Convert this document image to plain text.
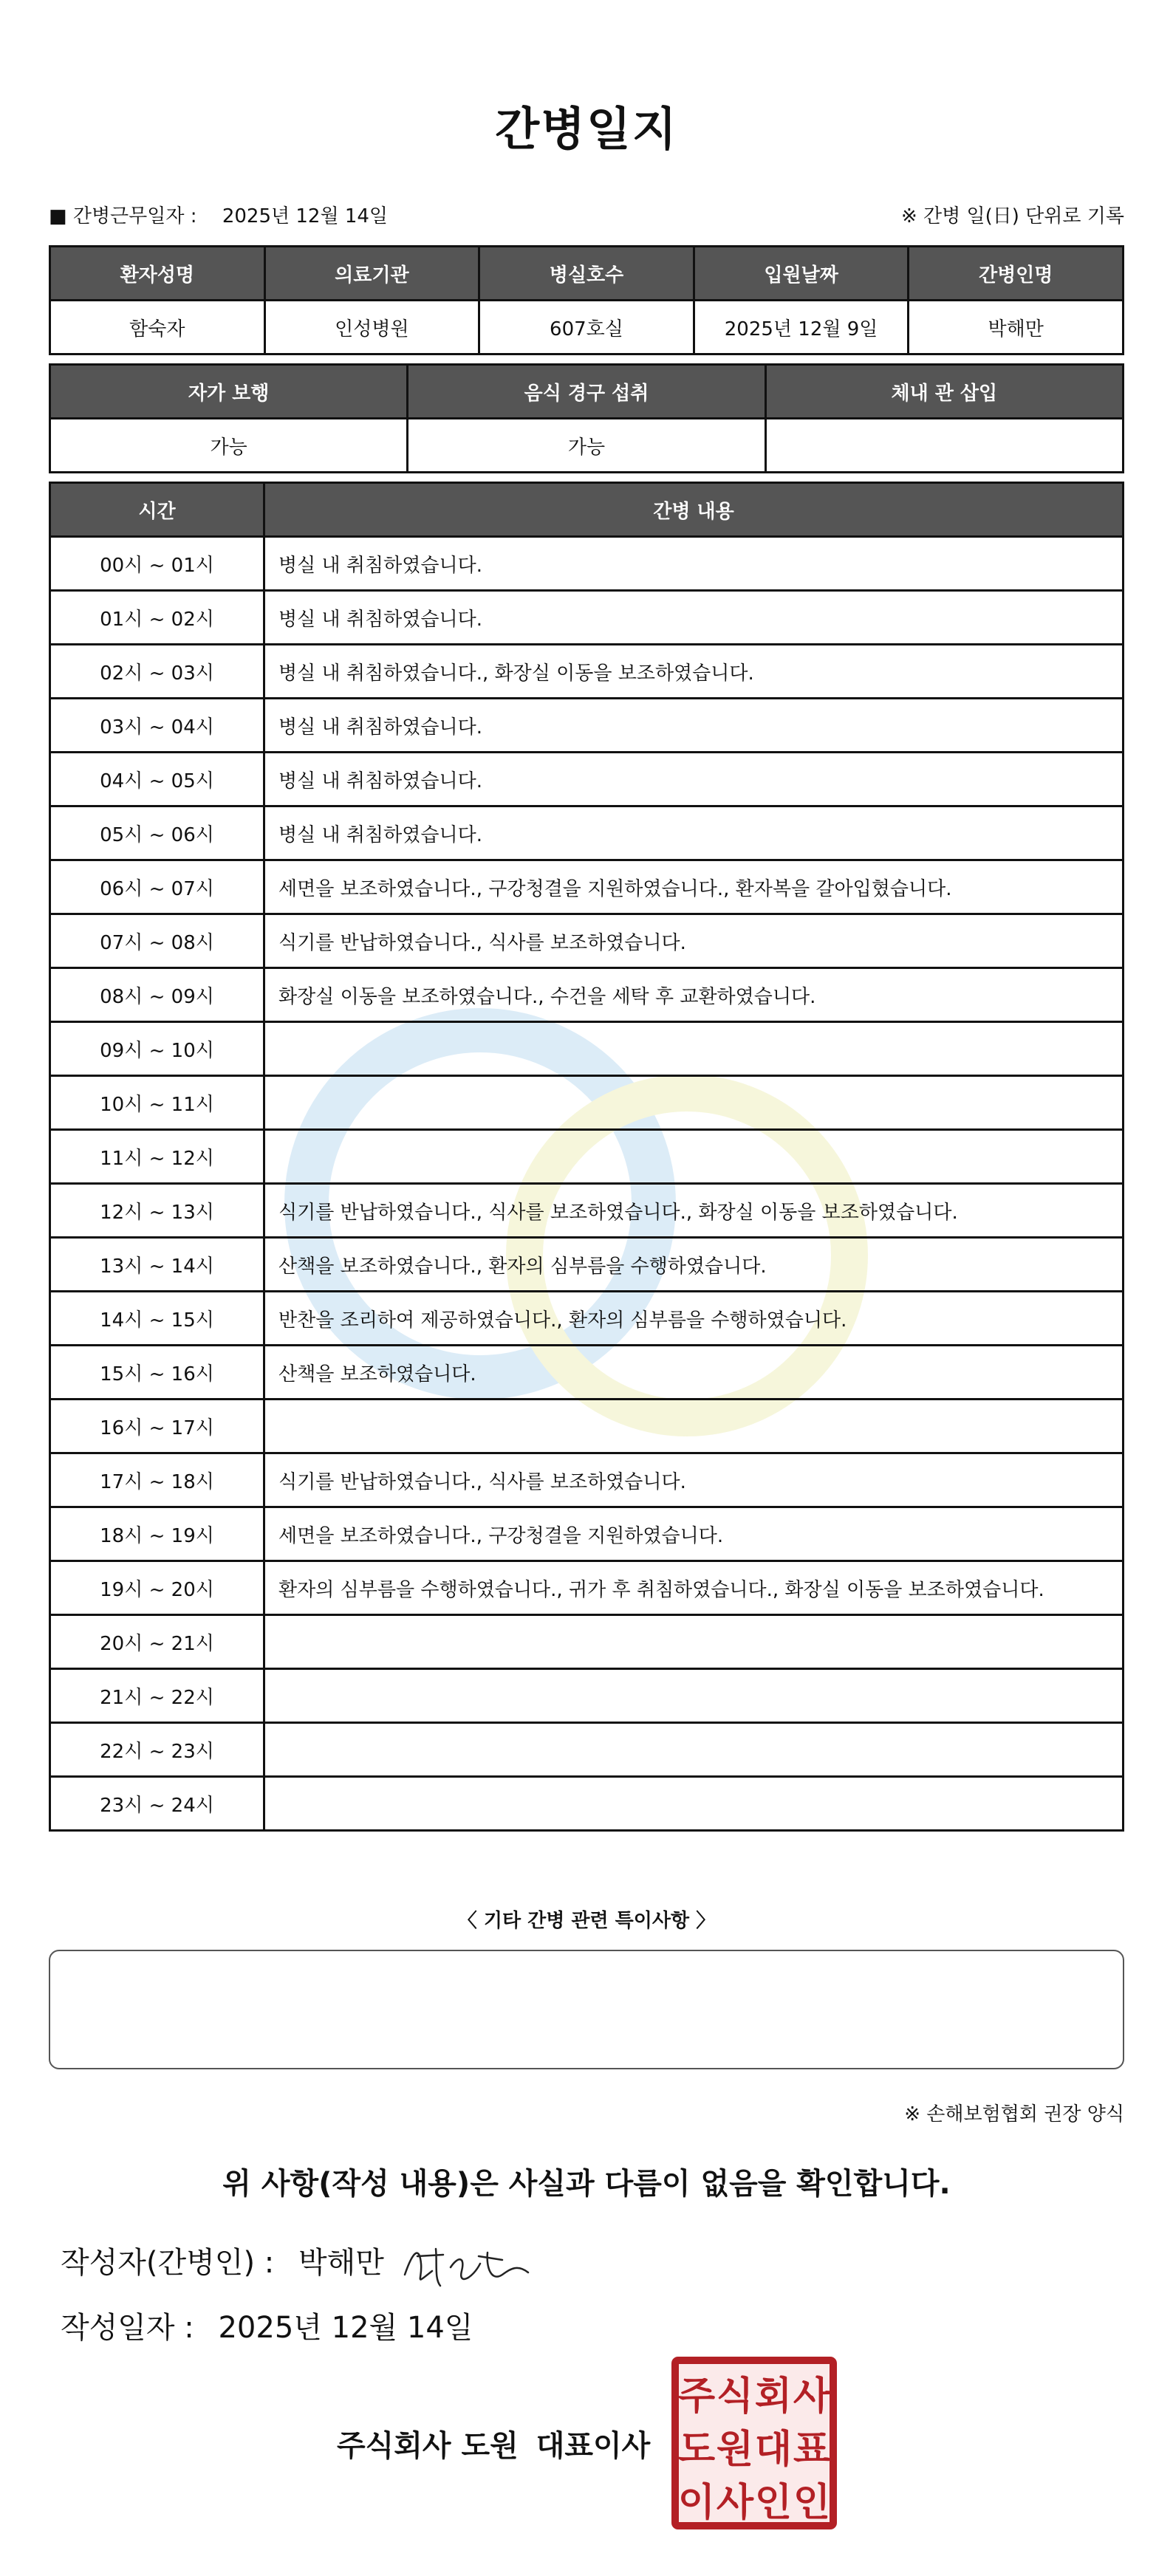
간병일지
■ 간병근무일자 : 2025년 12월 14일	※ 간병 일(日) 단위로 기록
환자성명	의료기관	병실호수	입원날짜	간병인명
함숙자	인성병원	607호실	2025년 12월 9일	박해만
자가 보행	음식 경구 섭취	체내 관 삽입
가능	가능	
시간	간병 내용
00시 ~ 01시	병실 내 취침하였습니다.
01시 ~ 02시	병실 내 취침하였습니다.
02시 ~ 03시	병실 내 취침하였습니다., 화장실 이동을 보조하였습니다.
03시 ~ 04시	병실 내 취침하였습니다.
04시 ~ 05시	병실 내 취침하였습니다.
05시 ~ 06시	병실 내 취침하였습니다.
06시 ~ 07시	세면을 보조하였습니다., 구강청결을 지원하였습니다., 환자복을 갈아입혔습니다.
07시 ~ 08시	식기를 반납하였습니다., 식사를 보조하였습니다.
08시 ~ 09시	화장실 이동을 보조하였습니다., 수건을 세탁 후 교환하였습니다.
09시 ~ 10시	
10시 ~ 11시	
11시 ~ 12시	
12시 ~ 13시	식기를 반납하였습니다., 식사를 보조하였습니다., 화장실 이동을 보조하였습니다.
13시 ~ 14시	산책을 보조하였습니다., 환자의 심부름을 수행하였습니다.
14시 ~ 15시	반찬을 조리하여 제공하였습니다., 환자의 심부름을 수행하였습니다.
15시 ~ 16시	산책을 보조하였습니다.
16시 ~ 17시	
17시 ~ 18시	식기를 반납하였습니다., 식사를 보조하였습니다.
18시 ~ 19시	세면을 보조하였습니다., 구강청결을 지원하였습니다.
19시 ~ 20시	환자의 심부름을 수행하였습니다., 귀가 후 취침하였습니다., 화장실 이동을 보조하였습니다.
20시 ~ 21시	
21시 ~ 22시	
22시 ~ 23시	
23시 ~ 24시	
〈 기타 간병 관련 특이사항 〉
※ 손해보험협회 권장 양식
위 사항(작성 내용)은 사실과 다름이 없음을 확인합니다.
작성자(간병인) : 박해만
작성일자 : 2025년 12월 14일
주식회사 도원 대표이사
주 식 회 사
도 원 대 표
이 사 인 인
